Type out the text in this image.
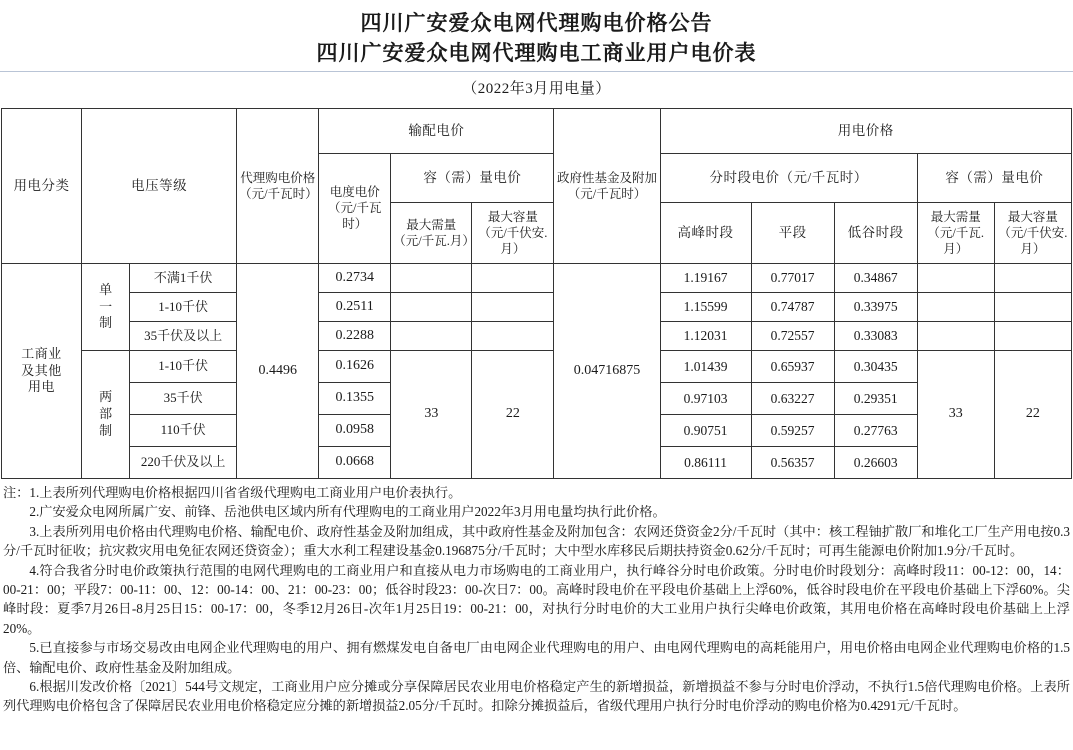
四川广安爱众电网代理购电价格公告
四川广安爱众电网代理购电工商业用户电价表
（2022年3月用电量）
用电分类	电压等级		代理购电价格（元/千瓦时）	输配电价			政府性基金及附加（元/千瓦时）	用电价格				
				电度电价（元/千瓦时）	容（需）量电价			分时段电价（元/千瓦时）			容（需）量电价	

					最大需量（元/千瓦.月）	最大容量（元/千伏安.月）		高峰时段	平段	低谷时段	最大需量（元/千瓦.月）	最大容量（元/千伏安.月）

工商业及其他用电	单一制	不满1千伏	0.4496	0.2734			0.04716875	1.19167	0.77017	0.34867		
		1-10千伏		0.2511				1.15599	0.74787	0.33975		
		35千伏及以上		0.2288				1.12031	0.72557	0.33083		

	两部制	1-10千伏		0.1626	33	22		1.01439	0.65937	0.30435	33	22
		35千伏		0.1355				0.97103	0.63227	0.29351		
		110千伏		0.0958				0.90751	0.59257	0.27763		
		220千伏及以上		0.0668				0.86111	0.56357	0.26603		

注：1.上表所列代理购电价格根据四川省省级代理购电工商业用户电价表执行。

2.广安爱众电网所属广安、前锋、岳池供电区域内所有代理购电的工商业用户2022年3月用电量均执行此价格。

3.上表所列用电价格由代理购电价格、输配电价、政府性基金及附加组成，其中政府性基金及附加包含：农网还贷资金2分/千瓦时（其中：核工程铀扩散厂和堆化工厂生产用电按0.3分/千瓦时征收；抗灾救灾用电免征农网还贷资金）；重大水利工程建设基金0.196875分/千瓦时；大中型水库移民后期扶持资金0.62分/千瓦时；可再生能源电价附加1.9分/千瓦时。

4.符合我省分时电价政策执行范围的电网代理购电的工商业用户和直接从电力市场购电的工商业用户，执行峰谷分时电价政策。分时电价时段划分：高峰时段11：00-12：00，14：00-21：00；平段7：00-11：00、12：00-14：00、21：00-23：00；低谷时段23：00-次日7：00。高峰时段电价在平段电价基础上上浮60%，低谷时段电价在平段电价基础上下浮60%。尖峰时段：夏季7月26日-8月25日15：00-17：00，冬季12月26日-次年1月25日19：00-21：00，对执行分时电价的大工业用户执行尖峰电价政策，其用电价格在高峰时段电价基础上上浮20%。

5.已直接参与市场交易改由电网企业代理购电的用户、拥有燃煤发电自备电厂由电网企业代理购电的用户、由电网代理购电的高耗能用户，用电价格由电网企业代理购电价格的1.5倍、输配电价、政府性基金及附加组成。

6.根据川发改价格〔2021〕544号文规定，工商业用户应分摊或分享保障居民农业用电价格稳定产生的新增损益，新增损益不参与分时电价浮动，不执行1.5倍代理购电价格。上表所列代理购电价格包含了保障居民农业用电价格稳定应分摊的新增损益2.05分/千瓦时。扣除分摊损益后，省级代理用户执行分时电价浮动的购电价格为0.4291元/千瓦时。
